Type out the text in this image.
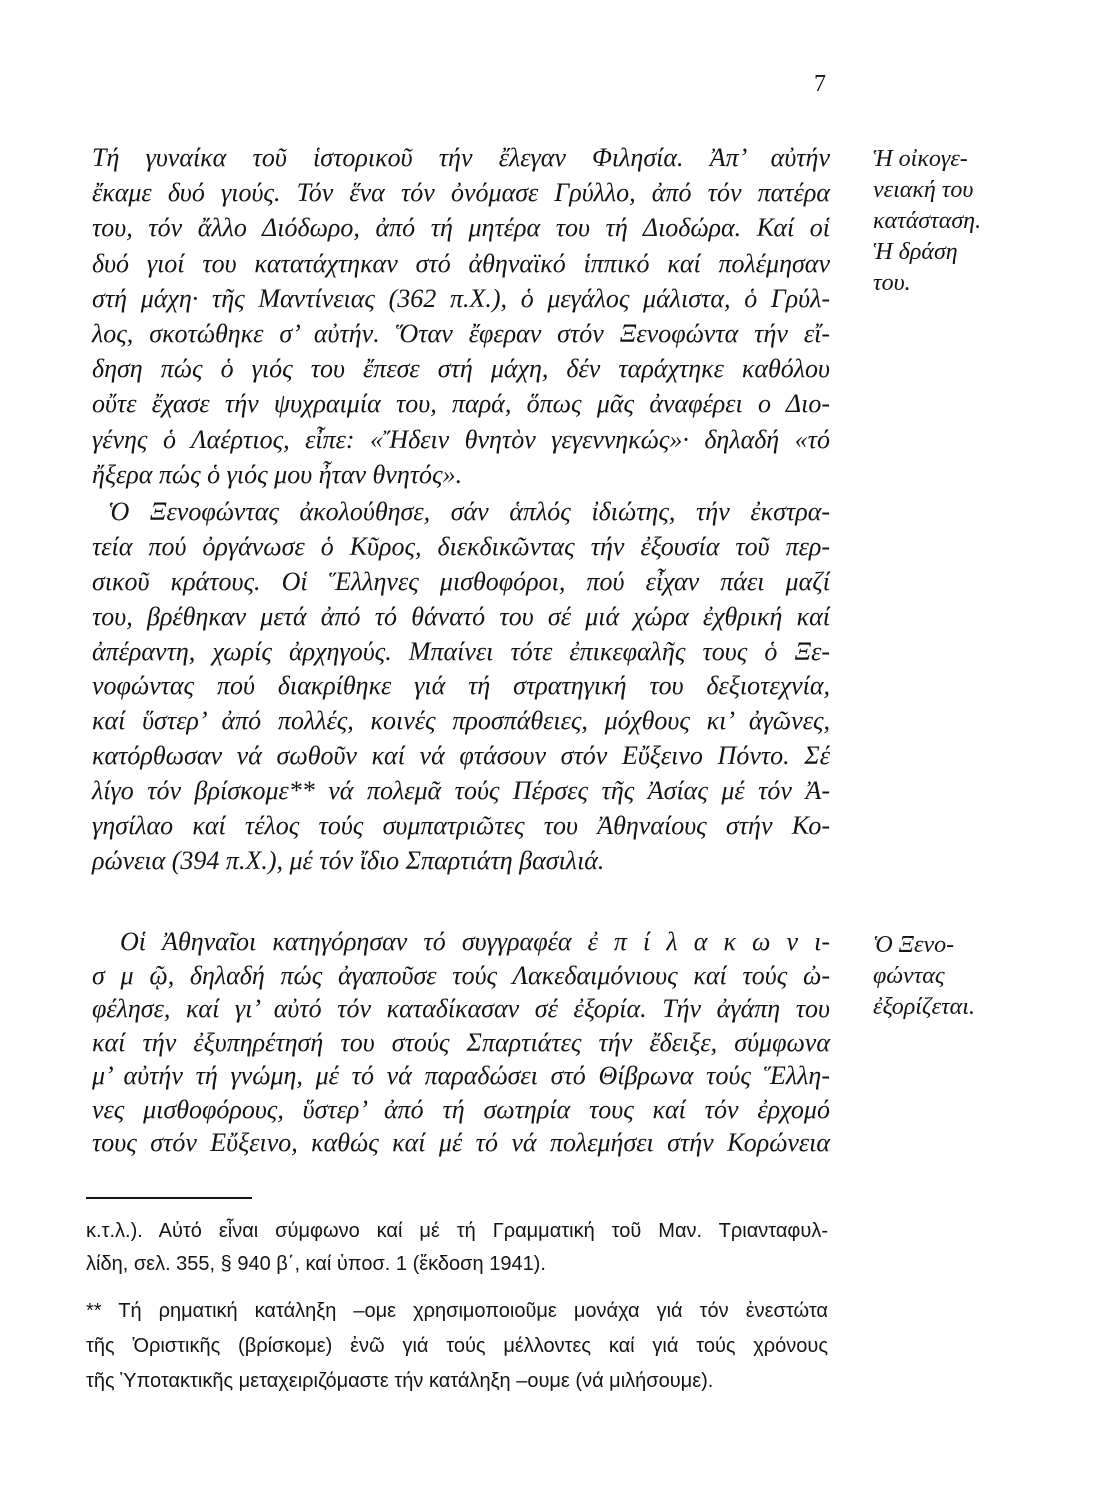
7
Τή γυναίκα τοῦ ἱστορικοῦ τήν ἔλεγαν Φιλησία. Ἀπ’ αὐτήν
ἔκαμε δυό γιούς. Τόν ἕνα τόν ὀνόμασε Γρύλλο, ἀπό τόν πατέρα
του, τόν ἄλλο Διόδωρο, ἀπό τή μητέρα του τή Διοδώρα. Καί οἱ
δυό γιοί του κατατάχτηκαν στό ἀθηναϊκό ἱππικό καί πολέμησαν
στή μάχη· τῆς Μαντίνειας (362 π.Χ.), ὁ μεγάλος μάλιστα, ὁ Γρύλ-
λος, σκοτώθηκε σ’ αὐτήν. Ὅταν ἔφεραν στόν Ξενοφώντα τήν εἴ-
δηση πώς ὁ γιός του ἔπεσε στή μάχη, δέν ταράχτηκε καθόλου
οὔτε ἔχασε τήν ψυχραιμία του, παρά, ὅπως μᾶς ἀναφέρει ο Διο-
γένης ὁ Λαέρτιος, εἶπε: «Ἤδειν θνητὸν γεγεννηκώς»· δηλαδή «τό
ἤξερα πώς ὁ γιός μου ἦταν θνητός».
Ὁ Ξενοφώντας ἀκολούθησε, σάν ἁπλός ἰδιώτης, τήν ἐκστρα-
τεία πού ὀργάνωσε ὁ Κῦρος, διεκδικῶντας τήν ἐξουσία τοῦ περ-
σικοῦ κράτους. Οἱ Ἕλληνες μισθοφόροι, πού εἶχαν πάει μαζί
του, βρέθηκαν μετά ἀπό τό θάνατό του σέ μιά χώρα ἐχθρική καί
ἀπέραντη, χωρίς ἀρχηγούς. Μπαίνει τότε ἐπικεφαλῆς τους ὁ Ξε-
νοφώντας πού διακρίθηκε γιά τή στρατηγική του δεξιοτεχνία,
καί ὕστερ’ ἀπό πολλές, κοινές προσπάθειες, μόχθους κι’ ἀγῶνες,
κατόρθωσαν νά σωθοῦν καί νά φτάσουν στόν Εὔξεινο Πόντο. Σέ
λίγο τόν βρίσκομε** νά πολεμᾶ τούς Πέρσες τῆς Ἀσίας μέ τόν Ἀ-
γησίλαο καί τέλος τούς συμπατριῶτες του Ἀθηναίους στήν Κο-
ρώνεια (394 π.Χ.), μέ τόν ἴδιο Σπαρτιάτη βασιλιά.
Οἱ Ἀθηναῖοι κατηγόρησαν τό συγγραφέα ἐ π ί λ α κ ω ν ι-
σ μ ῷ, δηλαδή πώς ἀγαποῦσε τούς Λακεδαιμόνιους καί τούς ὠ-
φέλησε, καί γι’ αὐτό τόν καταδίκασαν σέ ἐξορία. Τήν ἀγάπη του
καί τήν ἐξυπηρέτησή του στούς Σπαρτιάτες τήν ἔδειξε, σύμφωνα
μ’ αὐτήν τή γνώμη, μέ τό νά παραδώσει στό Θίβρωνα τούς Ἕλλη-
νες μισθοφόρους, ὕστερ’ ἀπό τή σωτηρία τους καί τόν ἐρχομό
τους στόν Εὔξεινο, καθώς καί μέ τό νά πολεμήσει στήν Κορώνεια
Ἡ οἰκογε-
νειακή του
κατάσταση.
Ἡ δράση
του.
Ὁ Ξενο-
φώντας
ἐξορίζεται.
κ.τ.λ.). Αὐτό εἶναι σύμφωνο καί μέ τή Γραμματική τοῦ Μαν. Τριανταφυλ-
λίδη, σελ. 355, § 940 β΄, καί ὑποσ. 1 (ἔκδοση 1941).
** Τή ρηματική κατάληξη –ομε χρησιμοποιοῦμε μονάχα γιά τόν ἐνεστώτα
τῆς Ὁριστικῆς (βρίσκομε) ἐνῶ γιά τούς μέλλοντες καί γιά τούς χρόνους
τῆς Ὑποτακτικῆς μεταχειριζόμαστε τήν κατάληξη –ουμε (νά μιλήσουμε).
